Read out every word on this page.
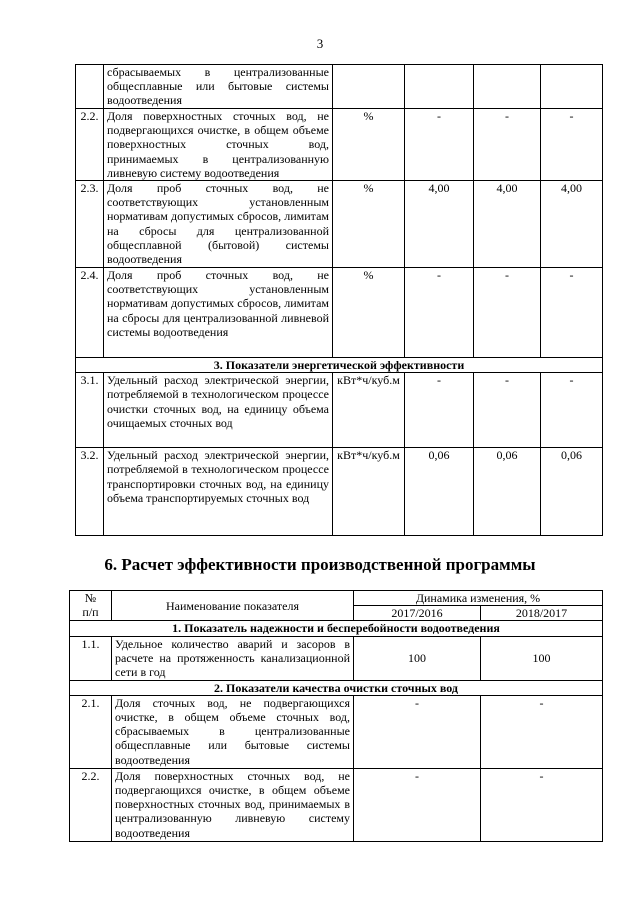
3
	сбрасываемых в централизованные общесплавные или бытовые системы водоотведения				
2.2.	Доля поверхностных сточных вод, не подвергающихся очистке, в общем объеме поверхностных сточных вод, принимаемых в централизованную ливневую систему водоотведения	%	-	-	-
2.3.	Доля проб сточных вод, не соответствующих установленным нормативам допустимых сбросов, лимитам на сбросы для централизованной общесплавной (бытовой) системы водоотведения	%	4,00	4,00	4,00
2.4.	Доля проб сточных вод, не соответствующих установленным нормативам допустимых сбросов, лимитам на сбросы для централизованной ливневой системы водоотведения	%	-	-	-
3. Показатели энергетической эффективности					
3.1.	Удельный расход электрической энергии, потребляемой в технологическом процессе очистки сточных вод, на единицу объема очищаемых сточных вод	кВт*ч/куб.м	-	-	-
3.2.	Удельный расход электрической энергии, потребляемой в технологическом процессе транспортировки сточных вод, на единицу объема транспортируемых сточных вод	кВт*ч/куб.м	0,06	0,06	0,06
6. Расчет эффективности производственной программы
№
п/п	Наименование показателя	Динамика изменения, %	
		2017/2016	2018/2017
1. Показатель надежности и бесперебойности водоотведения			
1.1.	Удельное количество аварий и засоров в расчете на протяженность канализационной сети в год	100	100
2. Показатели качества очистки сточных вод			
2.1.	Доля сточных вод, не подвергающихся очистке, в общем объеме сточных вод, сбрасываемых в централизованные общесплавные или бытовые системы водоотведения	-	-
2.2.	Доля поверхностных сточных вод, не подвергающихся очистке, в общем объеме поверхностных сточных вод, принимаемых в централизованную ливневую систему водоотведения	-	-
